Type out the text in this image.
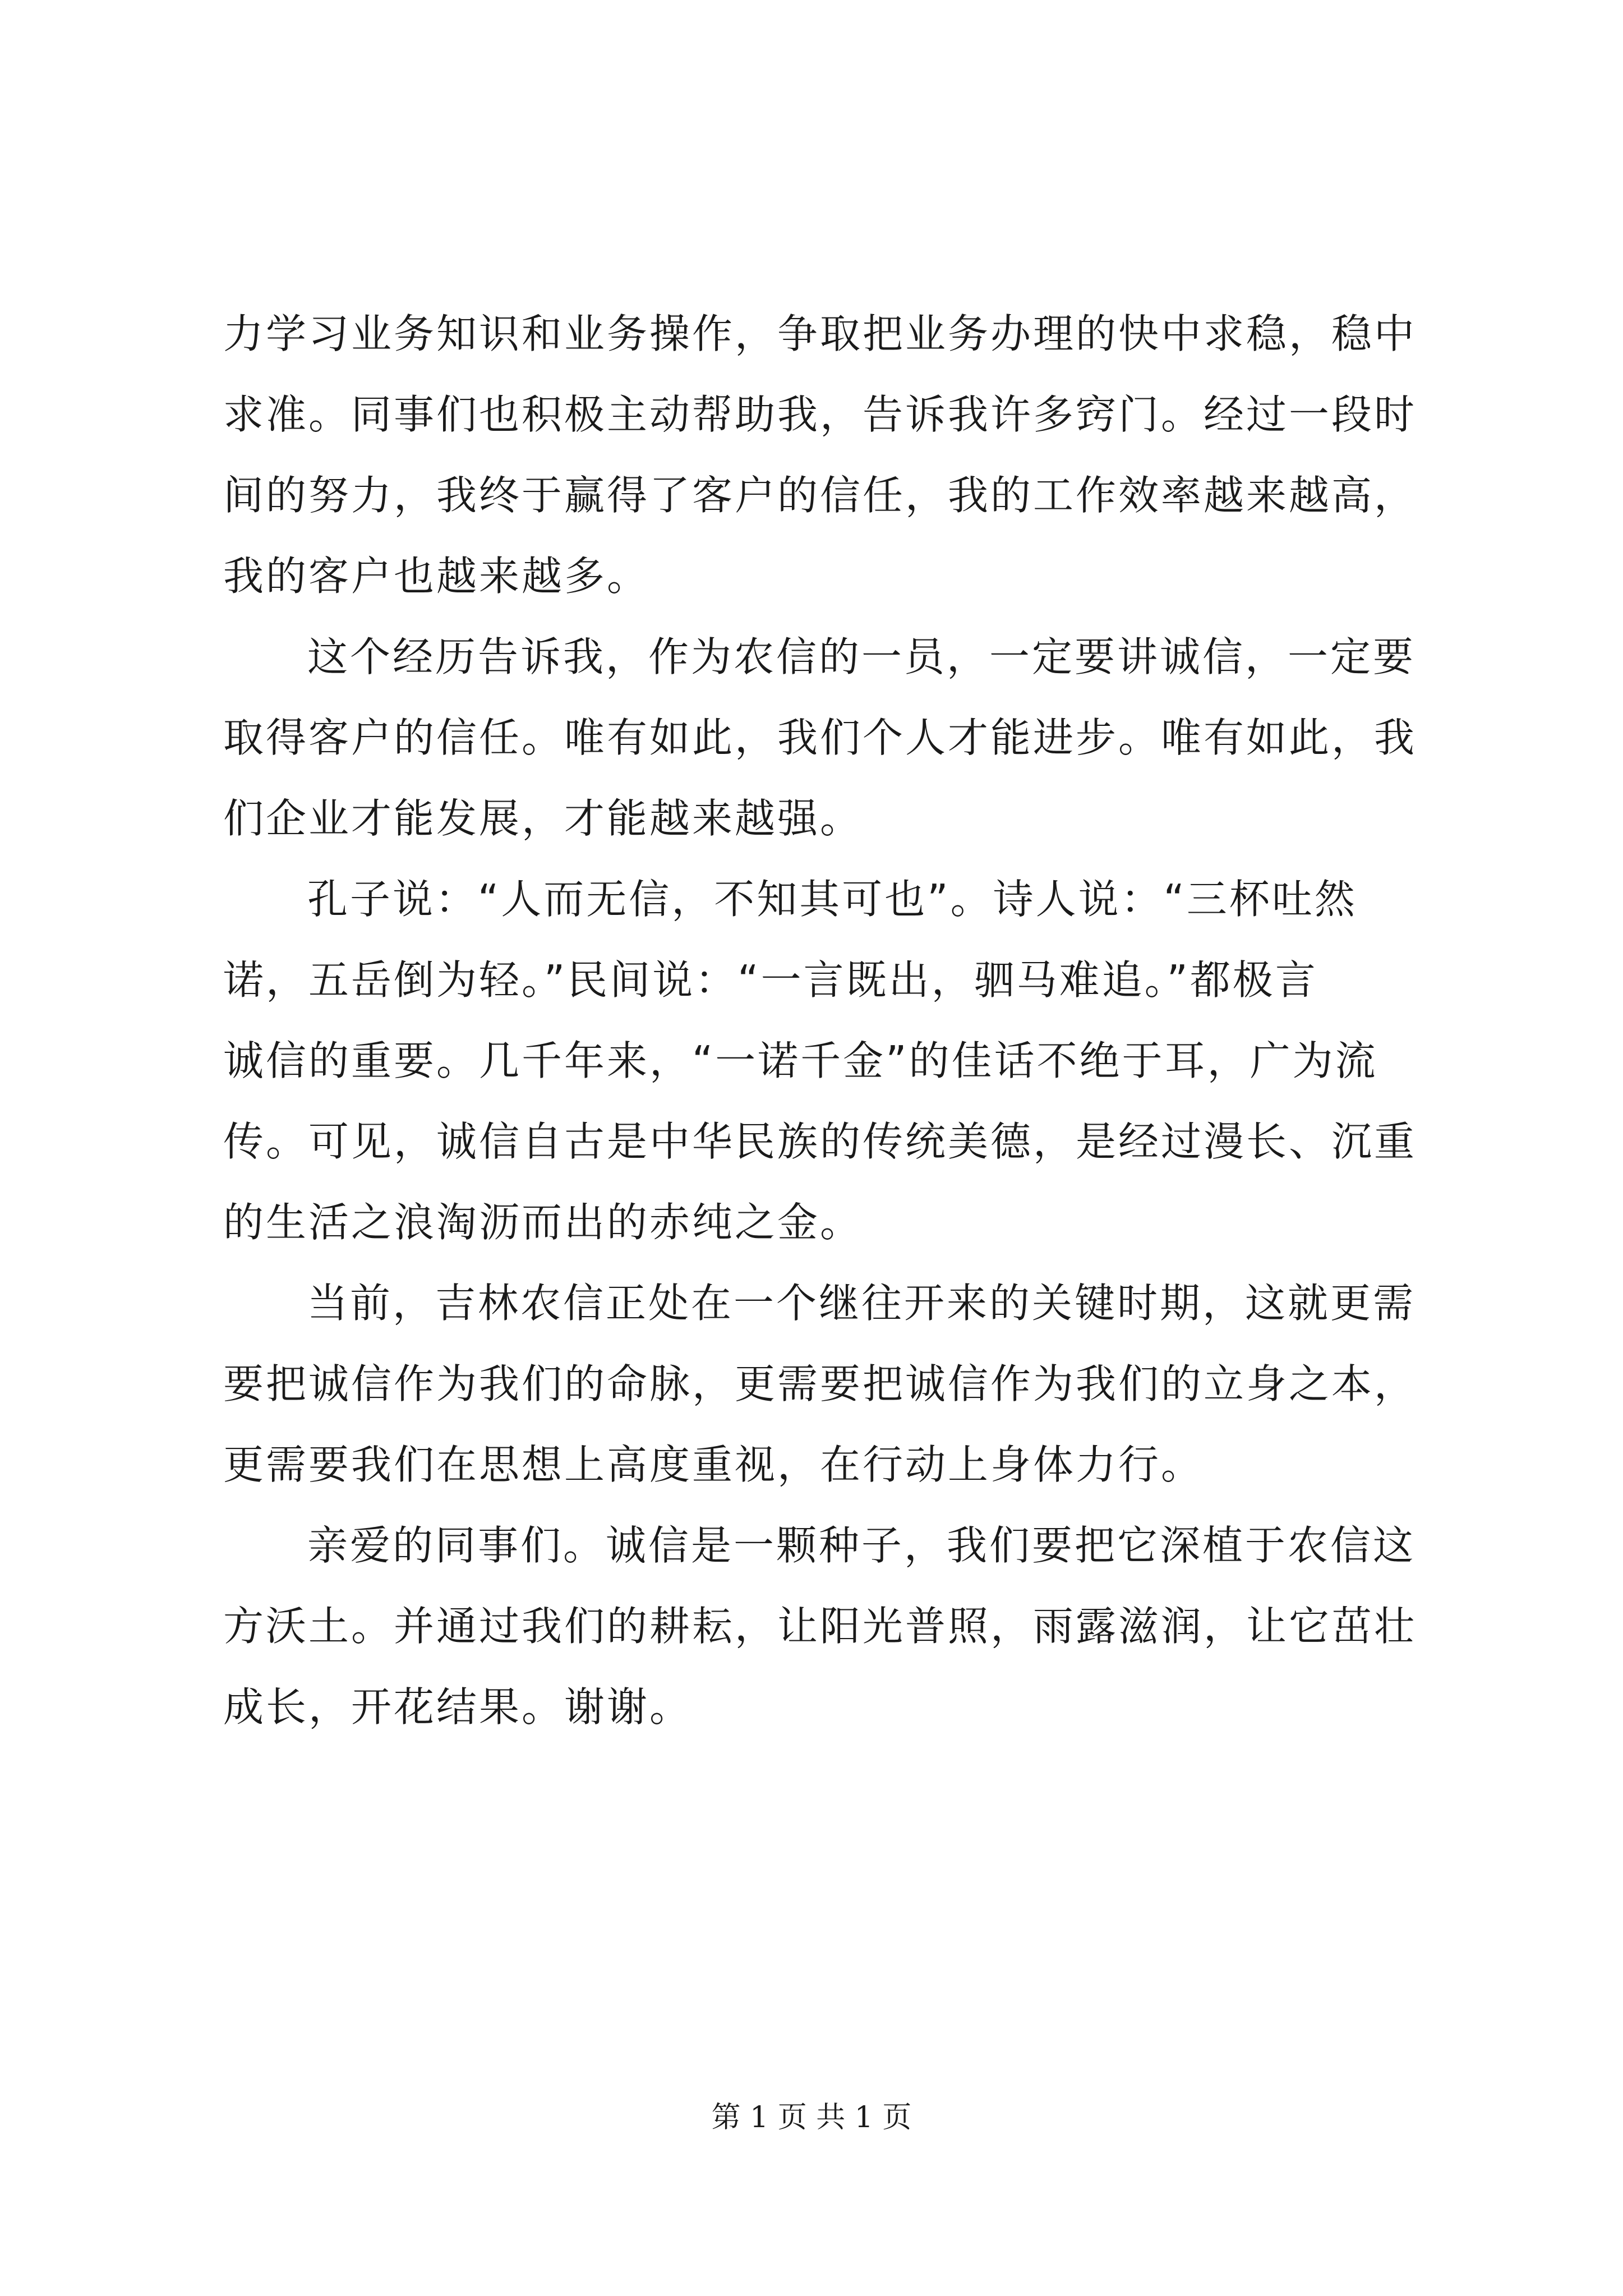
力学习业务知识和业务操作，争取把业务办理的快中求稳，稳中
求准。同事们也积极主动帮助我，告诉我许多窍门。经过一段时
间的努力，我终于赢得了客户的信任，我的工作效率越来越高，
我的客户也越来越多。
这个经历告诉我，作为农信的一员，一定要讲诚信，一定要
取得客户的信任。唯有如此，我们个人才能进步。唯有如此，我
们企业才能发展，才能越来越强。
孔子说：“人而无信，不知其可也”。诗人说：“三杯吐然
诺，五岳倒为轻。”民间说：“一言既出，驷马难追。”都极言
诚信的重要。几千年来，“一诺千金”的佳话不绝于耳，广为流
传。可见，诚信自古是中华民族的传统美德，是经过漫长、沉重
的生活之浪淘沥而出的赤纯之金。
当前，吉林农信正处在一个继往开来的关键时期，这就更需
要把诚信作为我们的命脉，更需要把诚信作为我们的立身之本，
更需要我们在思想上高度重视，在行动上身体力行。
亲爱的同事们。诚信是一颗种子，我们要把它深植于农信这
方沃土。并通过我们的耕耘，让阳光普照，雨露滋润，让它茁壮
成长，开花结果。谢谢。
第 1 页 共 1 页
